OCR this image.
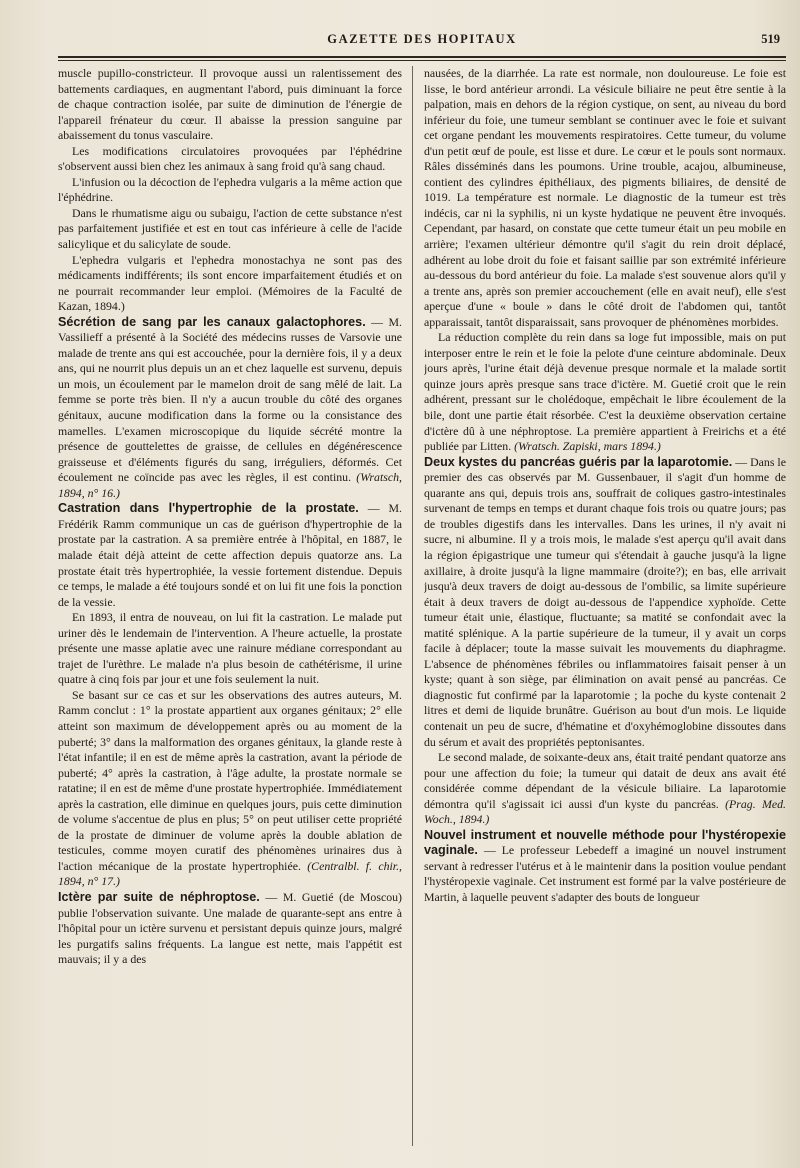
GAZETTE DES HOPITAUX	519

muscle pupillo-constricteur. Il provoque aussi un ralentissement des battements cardiaques, en augmentant l'abord, puis diminuant la force de chaque contraction isolée, par suite de diminution de l'énergie de l'appareil frénateur du cœur. Il abaisse la pression sanguine par abaissement du tonus vasculaire.

Les modifications circulatoires provoquées par l'éphédrine s'observent aussi bien chez les animaux à sang froid qu'à sang chaud.

L'infusion ou la décoction de l'ephedra vulgaris a la même action que l'éphédrine.

Dans le rhumatisme aigu ou subaigu, l'action de cette substance n'est pas parfaitement justifiée et est en tout cas inférieure à celle de l'acide salicylique et du salicylate de soude.

L'ephedra vulgaris et l'ephedra monostachya ne sont pas des médicaments indifférents; ils sont encore imparfaitement étudiés et on ne pourrait recommander leur emploi. (Mémoires de la Faculté de Kazan, 1894.)

Sécrétion de sang par les canaux galactophores. — M. Vassilieff a présenté à la Société des médecins russes de Varsovie une malade de trente ans qui est accouchée, pour la dernière fois, il y a deux ans, qui ne nourrit plus depuis un an et chez laquelle est survenu, depuis un mois, un écoulement par le mamelon droit de sang mêlé de lait. La femme se porte très bien. Il n'y a aucun trouble du côté des organes génitaux, aucune modification dans la forme ou la consistance des mamelles. L'examen microscopique du liquide sécrété montre la présence de gouttelettes de graisse, de cellules en dégénérescence graisseuse et d'éléments figurés du sang, irréguliers, déformés. Cet écoulement ne coïncide pas avec les règles, il est continu. (Wratsch, 1894, n° 16.)

Castration dans l'hypertrophie de la prostate. — M. Frédérik Ramm communique un cas de guérison d'hypertrophie de la prostate par la castration. A sa première entrée à l'hôpital, en 1887, le malade était déjà atteint de cette affection depuis quatorze ans. La prostate était très hypertrophiée, la vessie fortement distendue. Depuis ce temps, le malade a été toujours sondé et on lui fit une fois la ponction de la vessie.

En 1893, il entra de nouveau, on lui fit la castration. Le malade put uriner dès le lendemain de l'intervention. A l'heure actuelle, la prostate présente une masse aplatie avec une rainure médiane correspondant au trajet de l'urèthre. Le malade n'a plus besoin de cathétérisme, il urine quatre à cinq fois par jour et une fois seulement la nuit.

Se basant sur ce cas et sur les observations des autres auteurs, M. Ramm conclut : 1° la prostate appartient aux organes génitaux; 2° elle atteint son maximum de développement après ou au moment de la puberté; 3° dans la malformation des organes génitaux, la glande reste à l'état infantile; il en est de même après la castration, avant la période de puberté; 4° après la castration, à l'âge adulte, la prostate normale se ratatine; il en est de même d'une prostate hypertrophiée. Immédiatement après la castration, elle diminue en quelques jours, puis cette diminution de volume s'accentue de plus en plus; 5° on peut utiliser cette propriété de la prostate de diminuer de volume après la double ablation de testicules, comme moyen curatif des phénomènes urinaires dus à l'action mécanique de la prostate hypertrophiée. (Centralbl. f. chir., 1894, n° 17.)

Ictère par suite de néphroptose. — M. Guetié (de Moscou) publie l'observation suivante. Une malade de quarante-sept ans entre à l'hôpital pour un ictère survenu et persistant depuis quinze jours, malgré les purgatifs salins fréquents. La langue est nette, mais l'appétit est mauvais; il y a des

nausées, de la diarrhée. La rate est normale, non douloureuse. Le foie est lisse, le bord antérieur arrondi. La vésicule biliaire ne peut être sentie à la palpation, mais en dehors de la région cystique, on sent, au niveau du bord inférieur du foie, une tumeur semblant se continuer avec le foie et suivant cet organe pendant les mouvements respiratoires. Cette tumeur, du volume d'un petit œuf de poule, est lisse et dure. Le cœur et le pouls sont normaux. Râles disséminés dans les poumons. Urine trouble, acajou, albumineuse, contient des cylindres épithéliaux, des pigments biliaires, de densité de 1019. La température est normale. Le diagnostic de la tumeur est très indécis, car ni la syphilis, ni un kyste hydatique ne peuvent être invoqués. Cependant, par hasard, on constate que cette tumeur était un peu mobile en arrière; l'examen ultérieur démontre qu'il s'agit du rein droit déplacé, adhérent au lobe droit du foie et faisant saillie par son extrémité inférieure au-dessous du bord antérieur du foie. La malade s'est souvenue alors qu'il y a trente ans, après son premier accouchement (elle en avait neuf), elle s'est aperçue d'une « boule » dans le côté droit de l'abdomen qui, tantôt apparaissait, tantôt disparaissait, sans provoquer de phénomènes morbides.

La réduction complète du rein dans sa loge fut impossible, mais on put interposer entre le rein et le foie la pelote d'une ceinture abdominale. Deux jours après, l'urine était déjà devenue presque normale et la malade sortit quinze jours après presque sans trace d'ictère. M. Guetié croit que le rein adhérent, pressant sur le cholédoque, empêchait le libre écoulement de la bile, dont une partie était résorbée. C'est la deuxième observation certaine d'ictère dû à une néphroptose. La première appartient à Freirichs et a été publiée par Litten. (Wratsch. Zapiski, mars 1894.)

Deux kystes du pancréas guéris par la laparotomie. — Dans le premier des cas observés par M. Gussenbauer, il s'agit d'un homme de quarante ans qui, depuis trois ans, souffrait de coliques gastro-intestinales survenant de temps en temps et durant chaque fois trois ou quatre jours; pas de troubles digestifs dans les intervalles. Dans les urines, il n'y avait ni sucre, ni albumine. Il y a trois mois, le malade s'est aperçu qu'il avait dans la région épigastrique une tumeur qui s'étendait à gauche jusqu'à la ligne axillaire, à droite jusqu'à la ligne mammaire (droite?); en bas, elle arrivait jusqu'à deux travers de doigt au-dessous de l'ombilic, sa limite supérieure était à deux travers de doigt au-dessous de l'appendice xyphoïde. Cette tumeur était unie, élastique, fluctuante; sa matité se confondait avec la matité splénique. A la partie supérieure de la tumeur, il y avait un corps facile à déplacer; toute la masse suivait les mouvements du diaphragme. L'absence de phénomènes fébriles ou inflammatoires faisait penser à un kyste; quant à son siège, par élimination on avait pensé au pancréas. Ce diagnostic fut confirmé par la laparotomie ; la poche du kyste contenait 2 litres et demi de liquide brunâtre. Guérison au bout d'un mois. Le liquide contenait un peu de sucre, d'hématine et d'oxyhémoglobine dissoutes dans du sérum et avait des propriétés peptonisantes.

Le second malade, de soixante-deux ans, était traité pendant quatorze ans pour une affection du foie; la tumeur qui datait de deux ans avait été considérée comme dépendant de la vésicule biliaire. La laparotomie démontra qu'il s'agissait ici aussi d'un kyste du pancréas. (Prag. Med. Woch., 1894.)

Nouvel instrument et nouvelle méthode pour l'hystéropexie vaginale. — Le professeur Lebedeff a imaginé un nouvel instrument servant à redresser l'utérus et à le maintenir dans la position voulue pendant l'hystéropexie vaginale. Cet instrument est formé par la valve postérieure de Martin, à laquelle peuvent s'adapter des bouts de longueur
